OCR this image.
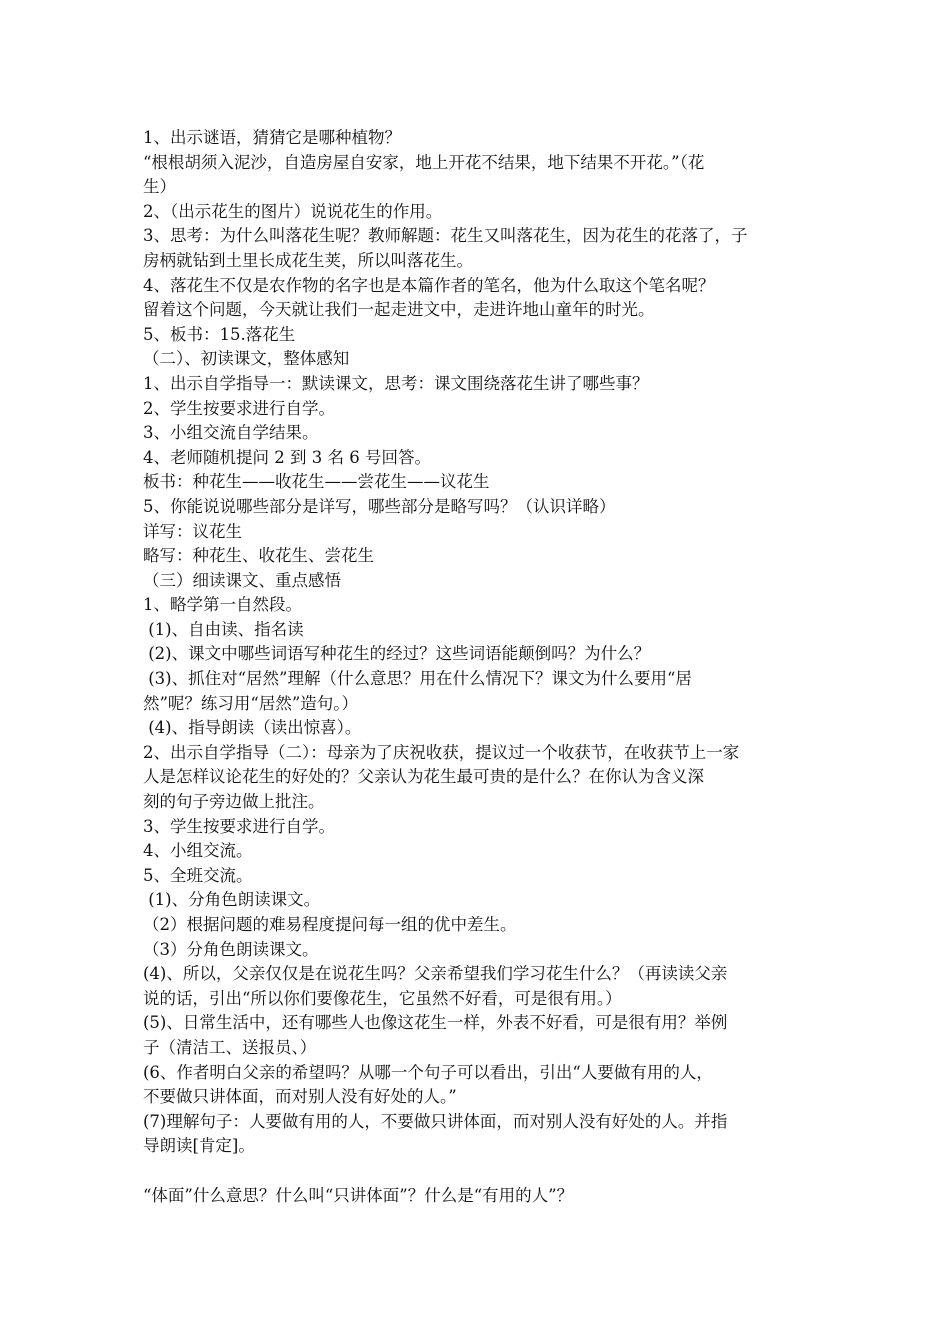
1、出示谜语，猜猜它是哪种植物？
“根根胡须入泥沙，自造房屋自安家，地上开花不结果，地下结果不开花。”（花
生）
2、（出示花生的图片）说说花生的作用。
3、思考：为什么叫落花生呢？教师解题：花生又叫落花生，因为花生的花落了，子
房柄就钻到土里长成花生荚，所以叫落花生。
4、落花生不仅是农作物的名字也是本篇作者的笔名，他为什么取这个笔名呢？
留着这个问题，今天就让我们一起走进文中，走进许地山童年的时光。
5、板书：15.落花生
（二）、初读课文，整体感知
1、出示自学指导一：默读课文，思考：课文围绕落花生讲了哪些事？
2、学生按要求进行自学。
3、小组交流自学结果。
4、老师随机提问 2 到 3 名 6 号回答。
板书：种花生——收花生——尝花生——议花生
5、你能说说哪些部分是详写，哪些部分是略写吗？（认识详略）
详写：议花生
略写：种花生、收花生、尝花生
（三）细读课文、重点感悟
1、略学第一自然段。
(1)、自由读、指名读
(2)、课文中哪些词语写种花生的经过？这些词语能颠倒吗？为什么？
(3)、抓住对“居然”理解（什么意思？用在什么情况下？课文为什么要用“居
然”呢？练习用“居然”造句。）
(4)、指导朗读（读出惊喜）。
2、出示自学指导（二）：母亲为了庆祝收获，提议过一个收获节，在收获节上一家
人是怎样议论花生的好处的？父亲认为花生最可贵的是什么？在你认为含义深
刻的句子旁边做上批注。
3、学生按要求进行自学。
4、小组交流。
5、全班交流。
(1)、分角色朗读课文。
（2）根据问题的难易程度提问每一组的优中差生。
（3）分角色朗读课文。
(4)、所以，父亲仅仅是在说花生吗？父亲希望我们学习花生什么？（再读读父亲
说的话，引出“所以你们要像花生，它虽然不好看，可是很有用。）
(5)、日常生活中，还有哪些人也像这花生一样，外表不好看，可是很有用？举例
子（清洁工、送报员、）
(6、作者明白父亲的希望吗？从哪一个句子可以看出，引出“人要做有用的人，
不要做只讲体面，而对别人没有好处的人。”
(7)理解句子：人要做有用的人，不要做只讲体面，而对别人没有好处的人。并指
导朗读[肯定]。
“体面”什么意思？什么叫“只讲体面”？什么是“有用的人”？
